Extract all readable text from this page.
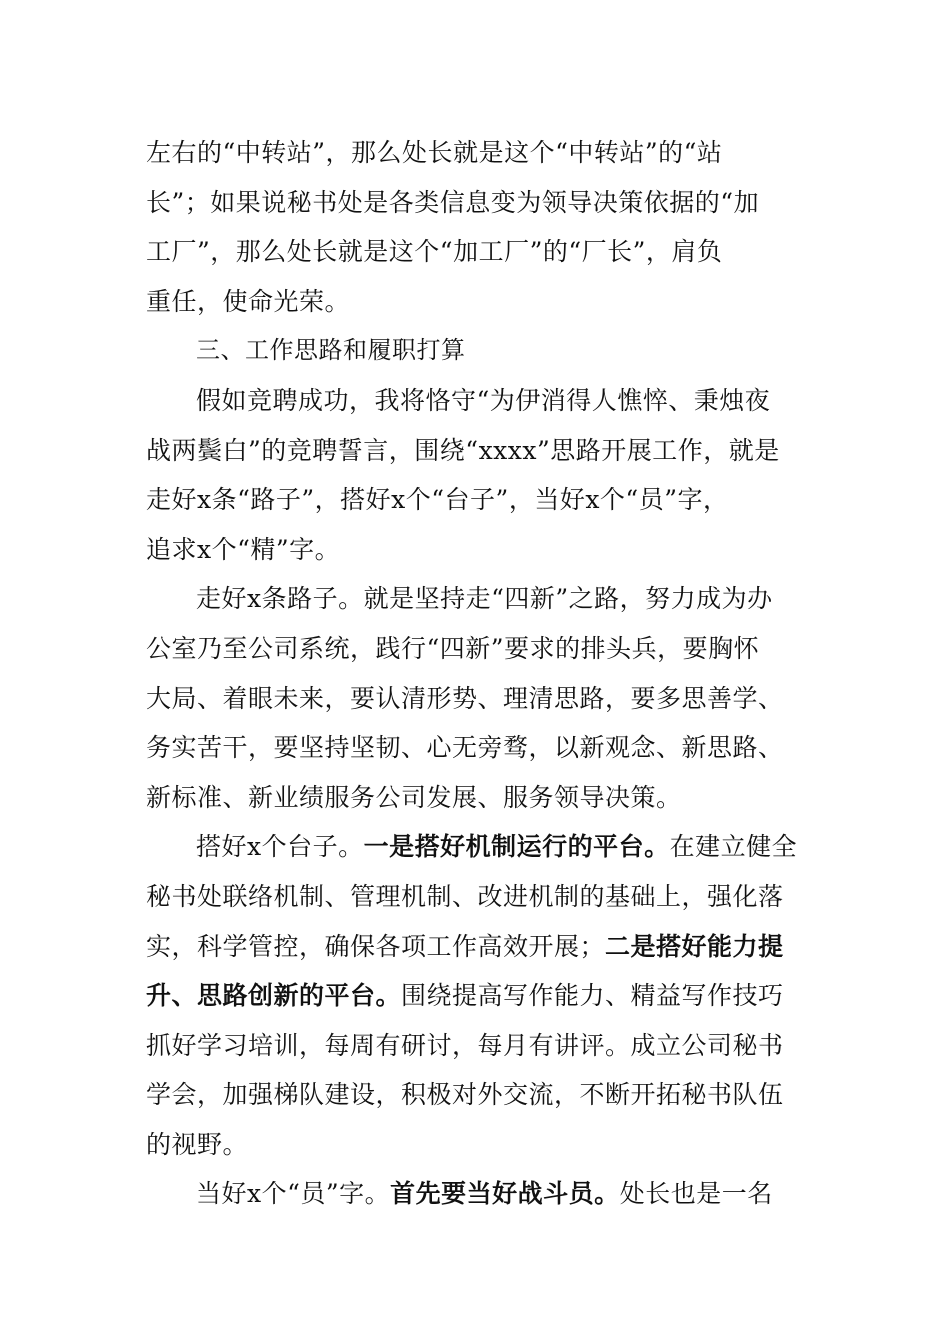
左右的“中转站”，那么处长就是这个“中转站”的“站
长”；如果说秘书处是各类信息变为领导决策依据的“加
工厂”，那么处长就是这个“加工厂”的“厂长”，肩负
重任，使命光荣。
三、工作思路和履职打算
假如竞聘成功，我将恪守“为伊消得人憔悴、秉烛夜
战两鬓白”的竞聘誓言，围绕“xxxx”思路开展工作，就是
走好x条“路子”，搭好x个“台子”，当好x个“员”字，
追求x个“精”字。
走好x条路子。就是坚持走“四新”之路，努力成为办
公室乃至公司系统，践行“四新”要求的排头兵，要胸怀
大局、着眼未来，要认清形势、理清思路，要多思善学、
务实苦干，要坚持坚韧、心无旁骛，以新观念、新思路、
新标准、新业绩服务公司发展、服务领导决策。
搭好x个台子。一是搭好机制运行的平台。在建立健全
秘书处联络机制、管理机制、改进机制的基础上，强化落
实，科学管控，确保各项工作高效开展；二是搭好能力提
升、思路创新的平台。围绕提高写作能力、精益写作技巧
抓好学习培训，每周有研讨，每月有讲评。成立公司秘书
学会，加强梯队建设，积极对外交流，不断开拓秘书队伍
的视野。
当好x个“员”字。首先要当好战斗员。处长也是一名
